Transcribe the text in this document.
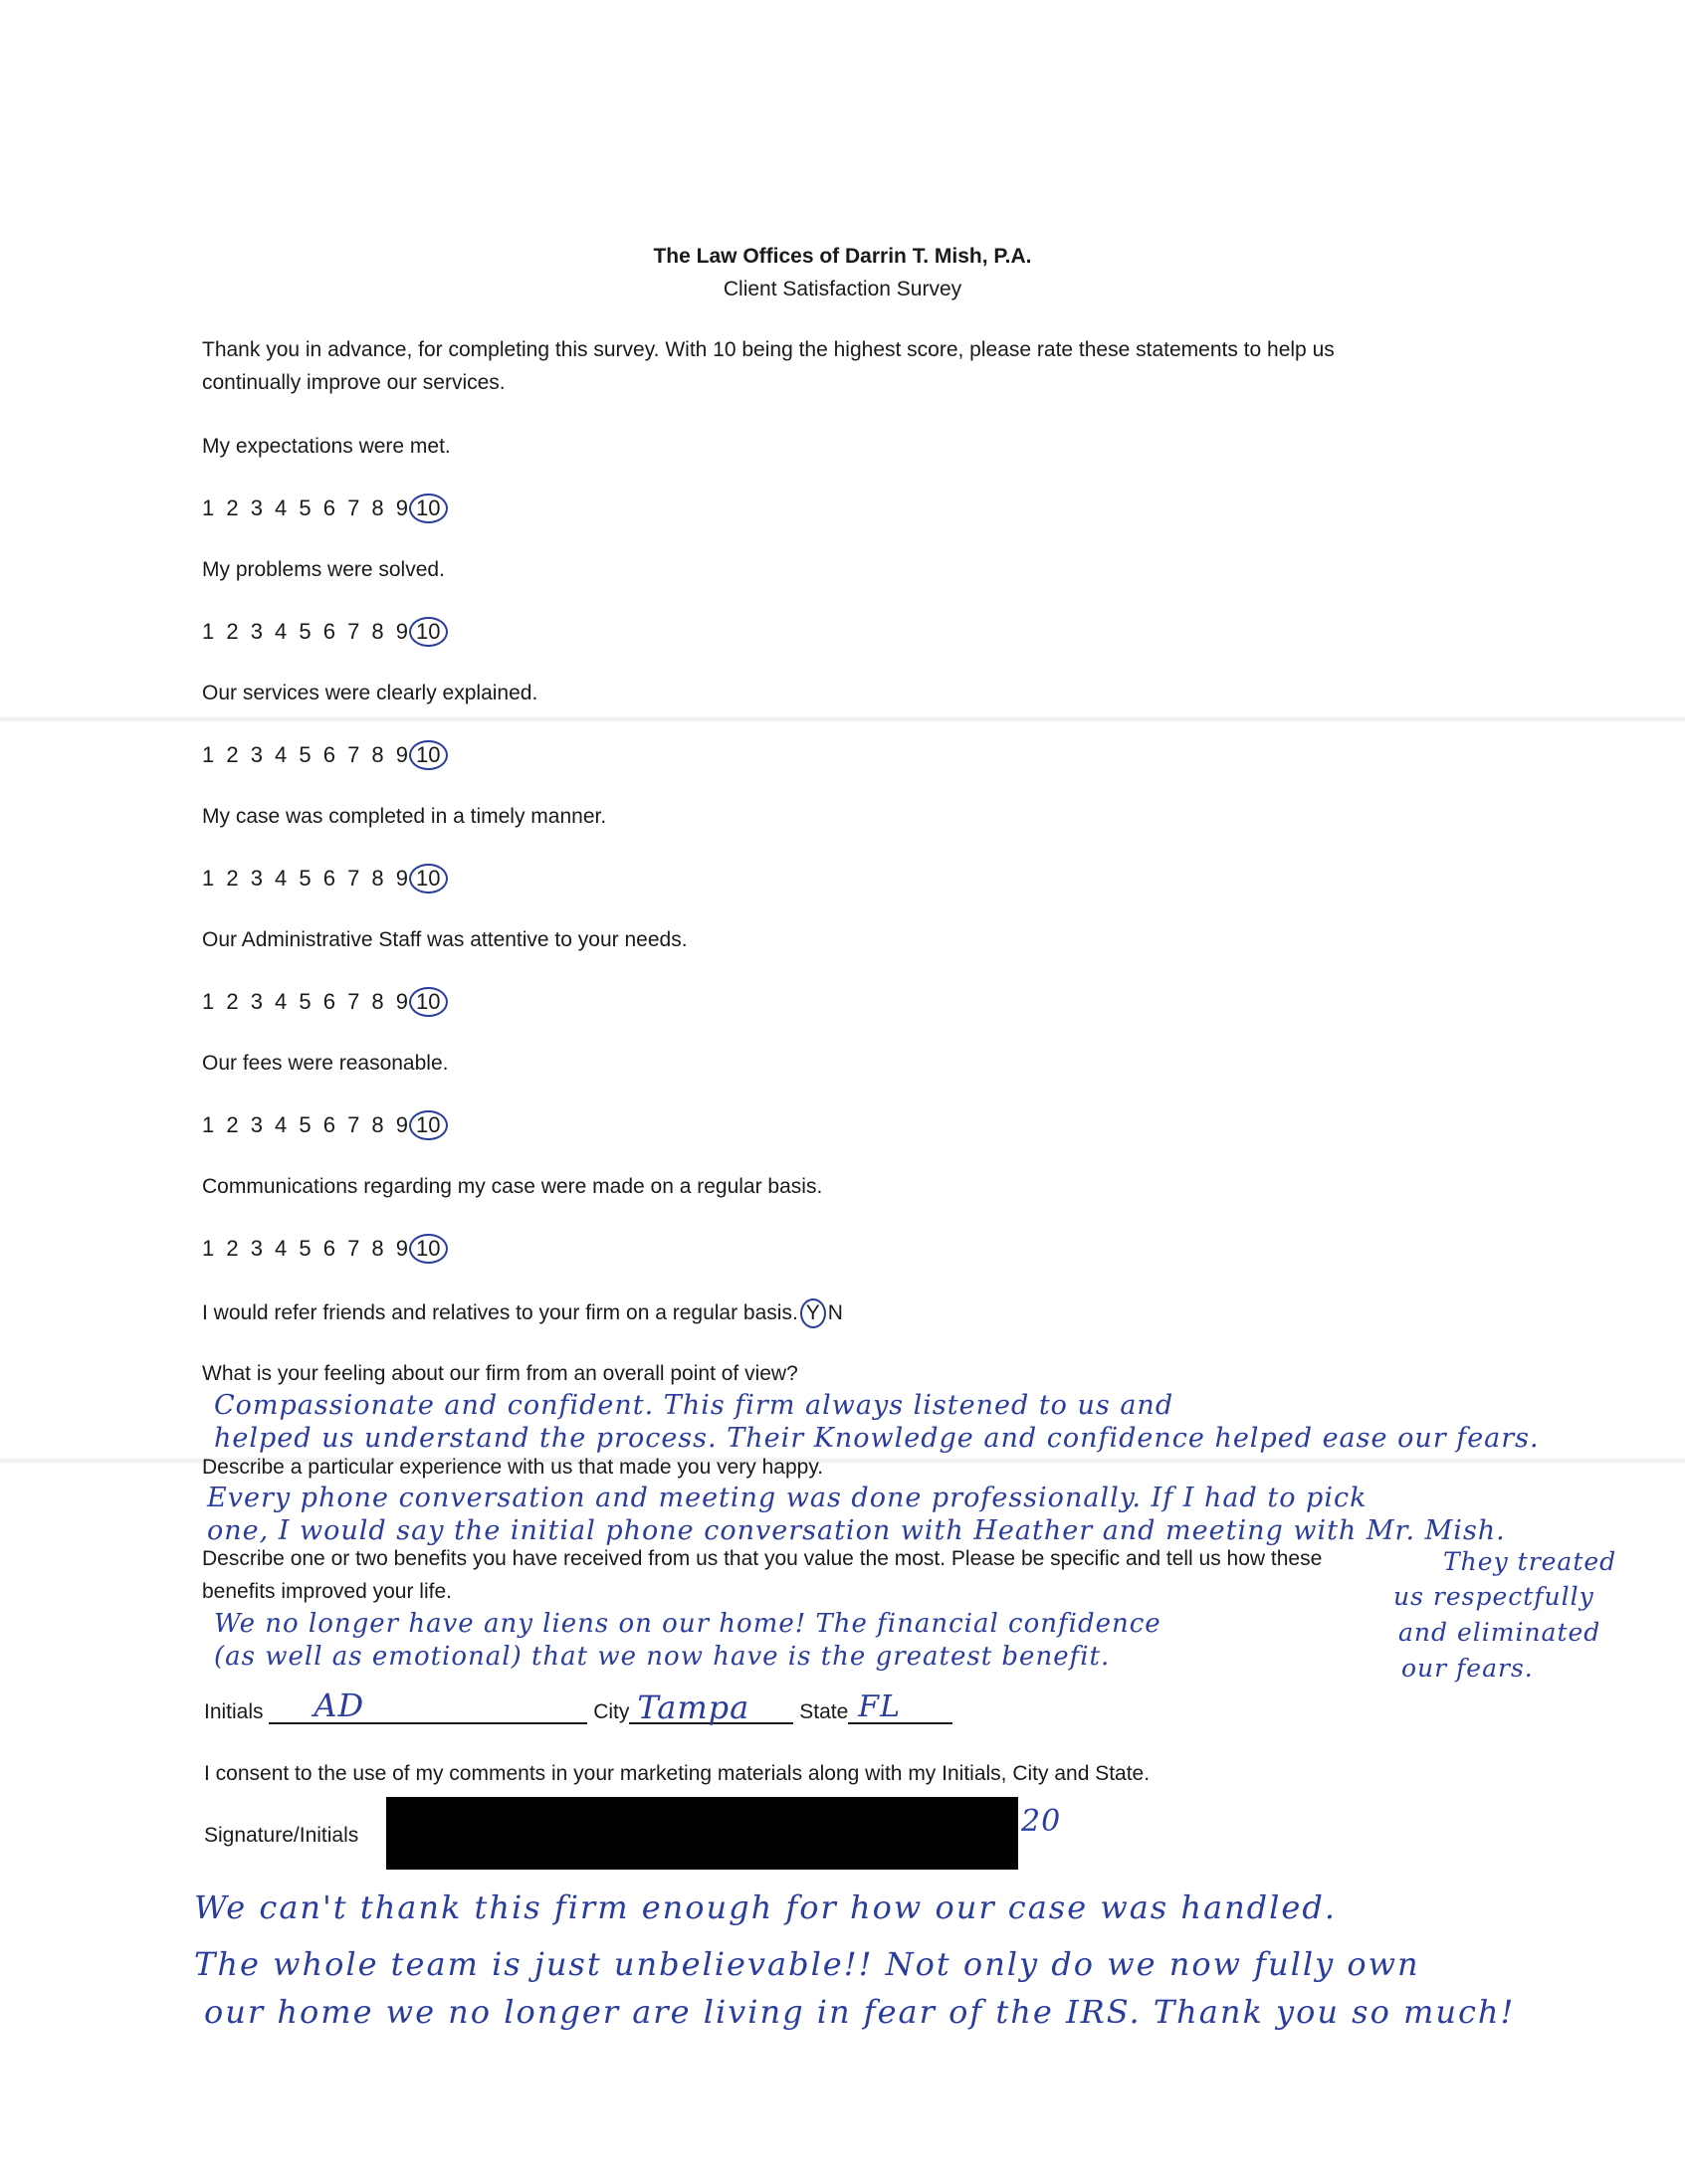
The Law Offices of Darrin T. Mish, P.A.
Client Satisfaction Survey
Thank you in advance, for completing this survey. With 10 being the highest score, please rate these statements to help us
continually improve our services.
My expectations were met.
1 2 3 4 5 6 7 8 9 10
My problems were solved.
1 2 3 4 5 6 7 8 9 10
Our services were clearly explained.
1 2 3 4 5 6 7 8 9 10
My case was completed in a timely manner.
1 2 3 4 5 6 7 8 9 10
Our Administrative Staff was attentive to your needs.
1 2 3 4 5 6 7 8 9 10
Our fees were reasonable.
1 2 3 4 5 6 7 8 9 10
Communications regarding my case were made on a regular basis.
1 2 3 4 5 6 7 8 9 10
I would refer friends and relatives to your firm on a regular basis. Y N
What is your feeling about our firm from an overall point of view?
Compassionate and confident. This firm always listened to us and
helped us understand the process. Their Knowledge and confidence helped ease our fears.
Describe a particular experience with us that made you very happy.
Every phone conversation and meeting was done professionally. If I had to pick
one, I would say the initial phone conversation with Heather and meeting with Mr. Mish.
Describe one or two benefits you have received from us that you value the most. Please be specific and tell us how these
benefits improved your life.
We no longer have any liens on our home! The financial confidence
(as well as emotional) that we now have is the greatest benefit.
They treated
us respectfully
and eliminated
our fears.
Initials AD	City Tampa State FL
I consent to the use of my comments in your marketing materials along with my Initials, City and State.
Signature/Initials	20
We can't thank this firm enough for how our case was handled.
The whole team is just unbelievable!! Not only do we now fully own
our home we no longer are living in fear of the IRS. Thank you so much!
